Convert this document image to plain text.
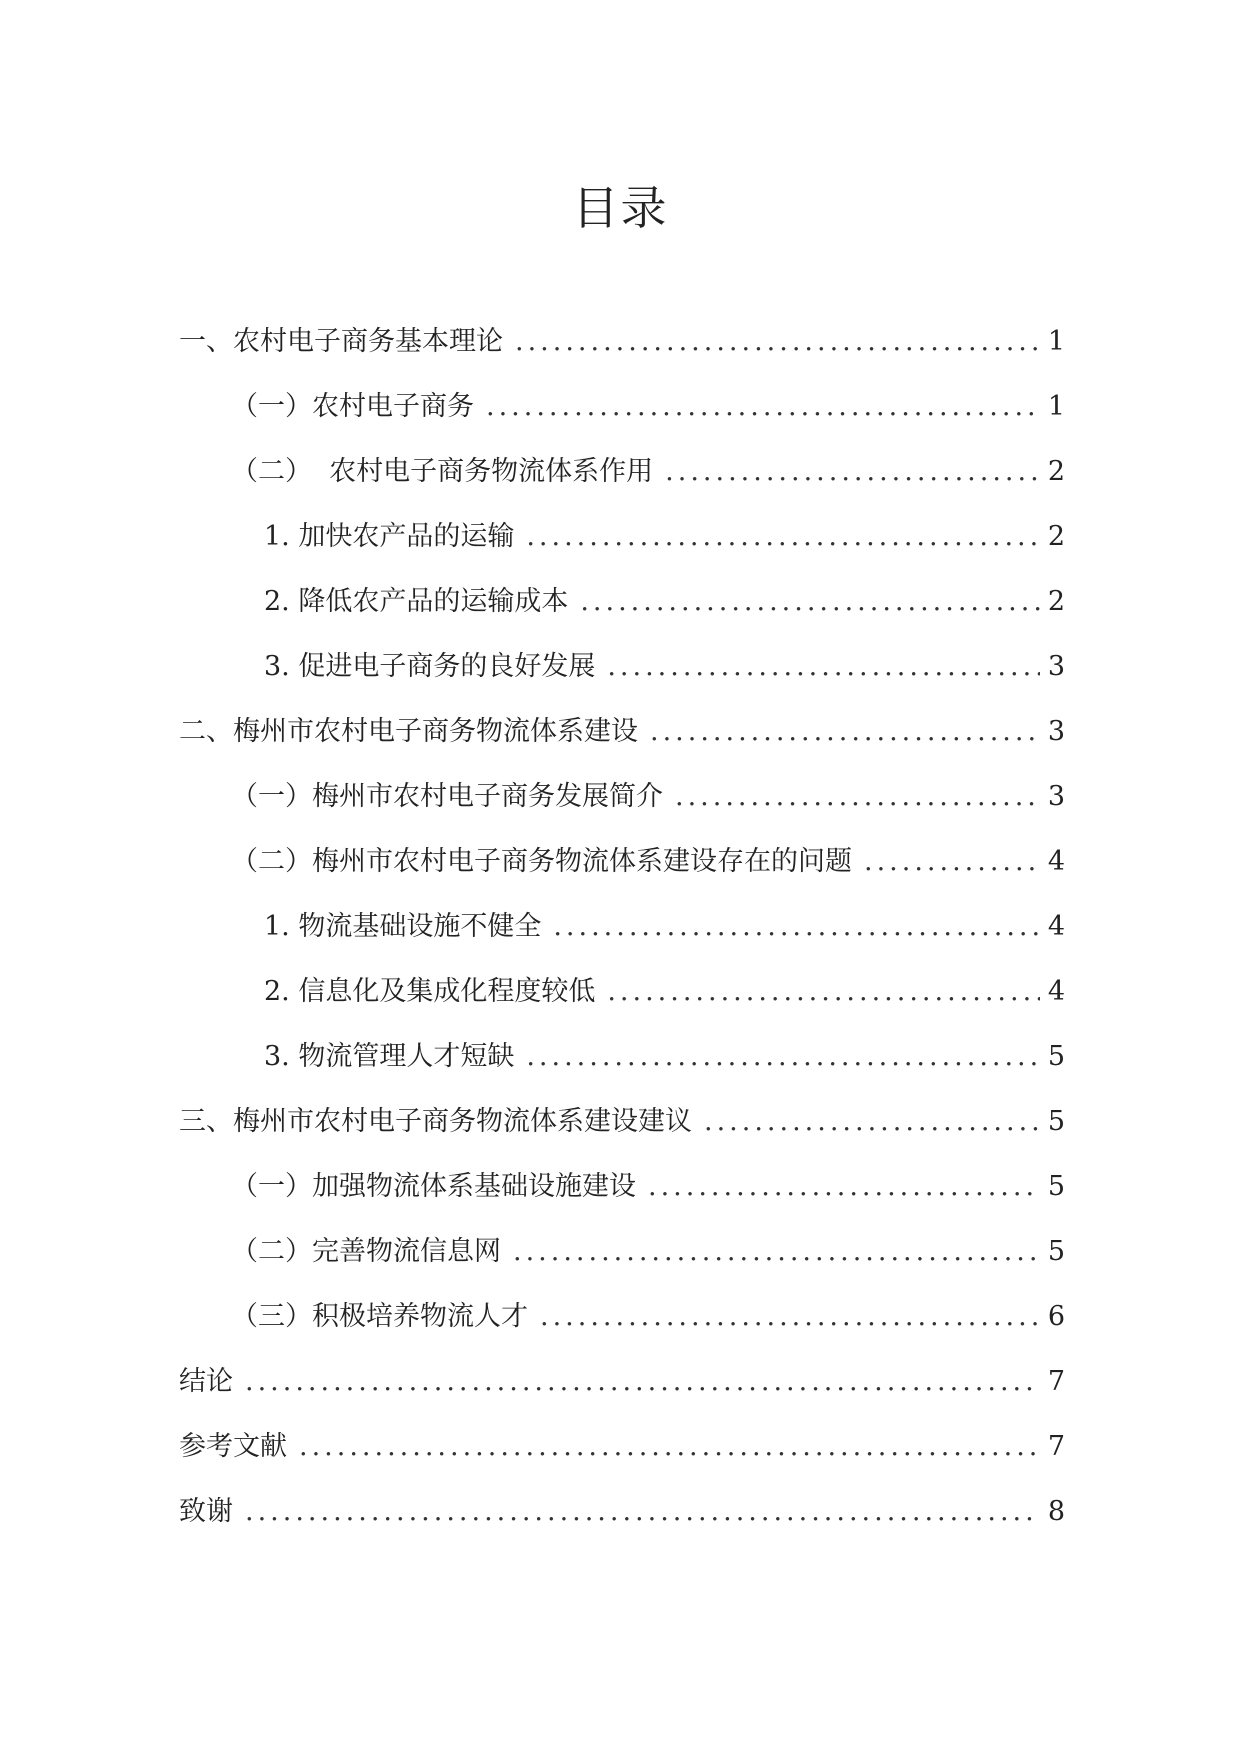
目录
一、农村电子商务基本理论 .....	1
（一）农村电子商务 .....	1
（二）  农村电子商务物流体系作用 .....	2
1. 加快农产品的运输 .....	2
2. 降低农产品的运输成本 .....	2
3. 促进电子商务的良好发展 .....	3
二、梅州市农村电子商务物流体系建设 .....	3
（一）梅州市农村电子商务发展简介 .....	3
（二）梅州市农村电子商务物流体系建设存在的问题 .....	4
1. 物流基础设施不健全 .....	4
2. 信息化及集成化程度较低 .....	4
3. 物流管理人才短缺 .....	5
三、梅州市农村电子商务物流体系建设建议 .....	5
（一）加强物流体系基础设施建设 .....	5
（二）完善物流信息网 .....	5
（三）积极培养物流人才 .....	6
结论 .....	7
参考文献 .....	7
致谢 .....	8
